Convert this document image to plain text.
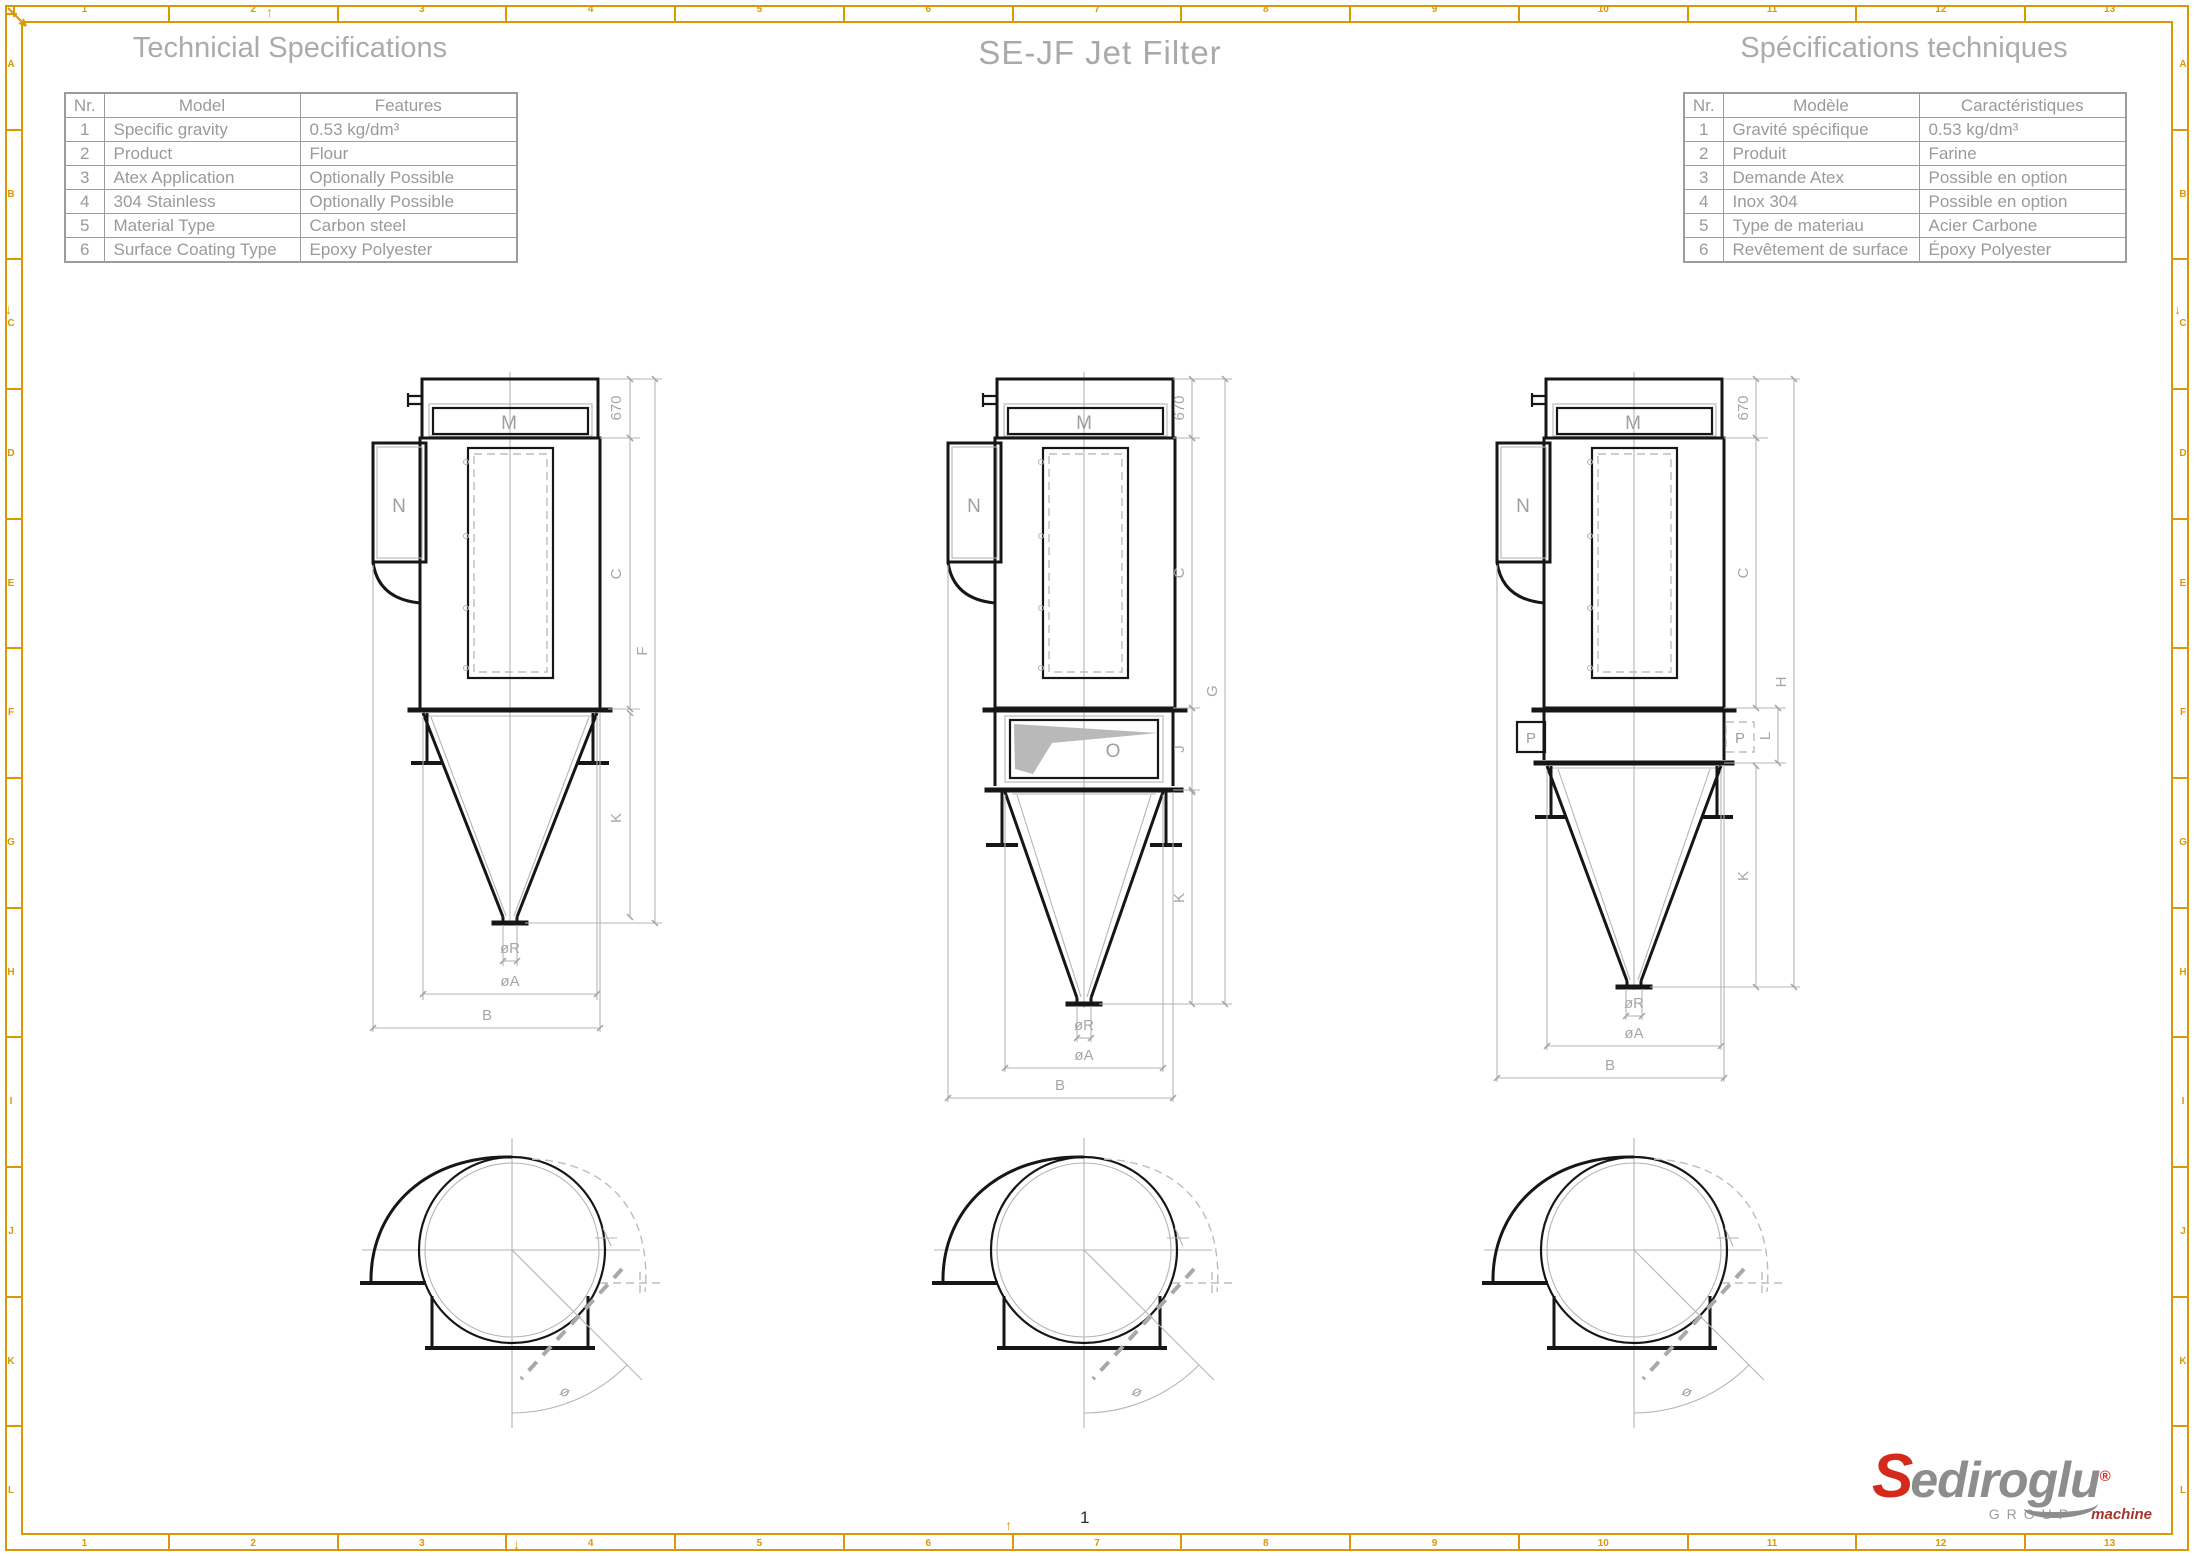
M
N
670
C
K
F
øR
øA
B
M
N
O
670
C
J
K
G
øR
øA
B
M
N
P	P
670
C
K
L
H
øR
øA
B
ø
1
1
2
2
3
3
4
4
5
5
6
6
7
7
8
8
9
9
10
10
11
11
12
12
13
13
A	A
B	B
C	C
D	D
E	E
F	F
G	G
H	H
I	I
J	J
K	K
L	L
↑
↓
↑
↓	↓
Technicial Specifications	SE-JF Jet Filter	Spécifications techniques
Nr.	Model	Features
1	Specific gravity	0.53 kg/dm³
2	Product	Flour
3	Atex Application	Optionally Possible
4	304 Stainless	Optionally Possible
5	Material Type	Carbon steel
6	Surface Coating Type	Epoxy Polyester
Nr.	Modèle	Caractéristiques
1	Gravité spécifique	0.53 kg/dm³
2	Produit	Farine
3	Demande Atex	Possible en option
4	Inox 304	Possible en option
5	Type de materiau	Acier Carbone
6	Revêtement de surface	Époxy Polyester
1
Sediroglu®
GROUP machine
